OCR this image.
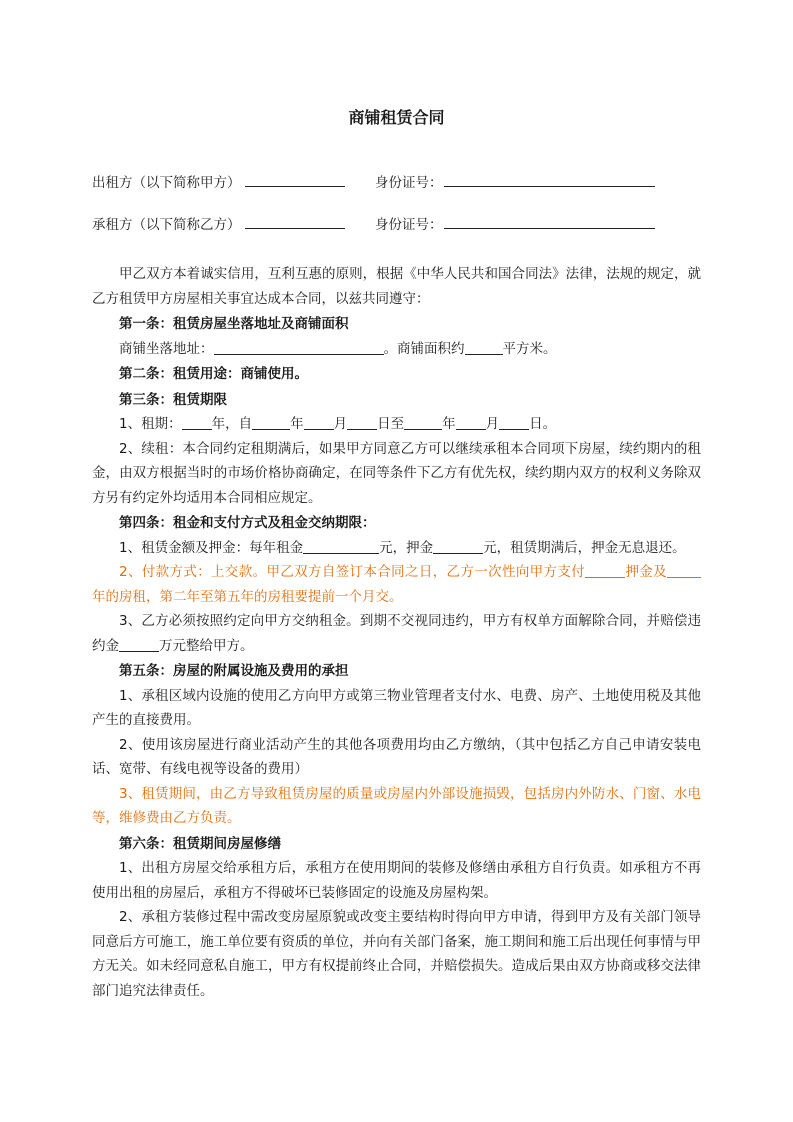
商铺租赁合同
出租方（以下简称甲方）	身份证号：
承租方（以下简称乙方）	身份证号：

甲乙双方本着诚实信用，互利互惠的原则，根据《中华人民共和国合同法》法律，法规的规定，就乙方租赁甲方房屋相关事宜达成本合同，以兹共同遵守：

第一条：租赁房屋坐落地址及商铺面积

商铺坐落地址：	。商铺面积约	平方米。

第二条：租赁用途：商铺使用。

第三条：租赁期限

1、租期： 年，自	年 月 日至	年 月 日。

2、续租：本合同约定租期满后，如果甲方同意乙方可以继续承租本合同项下房屋，续约期内的租金，由双方根据当时的市场价格协商确定，在同等条件下乙方有优先权，续约期内双方的权利义务除双方另有约定外均适用本合同相应规定。

第四条：租金和支付方式及租金交纳期限：

1、租赁金额及押金：每年租金	元，押金	元，租赁期满后，押金无息退还。

2、付款方式：上交款。甲乙双方自签订本合同之日，乙方一次性向甲方支付	押金及年的房租，第二年至第五年的房租要提前一个月交。

3、乙方必须按照约定向甲方交纳租金。到期不交视同违约，甲方有权单方面解除合同，并赔偿违约金	万元整给甲方。

第五条：房屋的附属设施及费用的承担

1、承租区域内设施的使用乙方向甲方或第三物业管理者支付水、电费、房产、土地使用税及其他产生的直接费用。

2、使用该房屋进行商业活动产生的其他各项费用均由乙方缴纳，（其中包括乙方自己申请安装电话、宽带、有线电视等设备的费用）

3、租赁期间，由乙方导致租赁房屋的质量或房屋内外部设施损毁，包括房内外防水、门窗、水电等，维修费由乙方负责。

第六条：租赁期间房屋修缮

1、出租方房屋交给承租方后，承租方在使用期间的装修及修缮由承租方自行负责。如承租方不再使用出租的房屋后，承租方不得破坏已装修固定的设施及房屋构架。

2、承租方装修过程中需改变房屋原貌或改变主要结构时得向甲方申请，得到甲方及有关部门领导同意后方可施工，施工单位要有资质的单位，并向有关部门备案，施工期间和施工后出现任何事情与甲方无关。如未经同意私自施工，甲方有权提前终止合同，并赔偿损失。造成后果由双方协商或移交法律部门追究法律责任。
